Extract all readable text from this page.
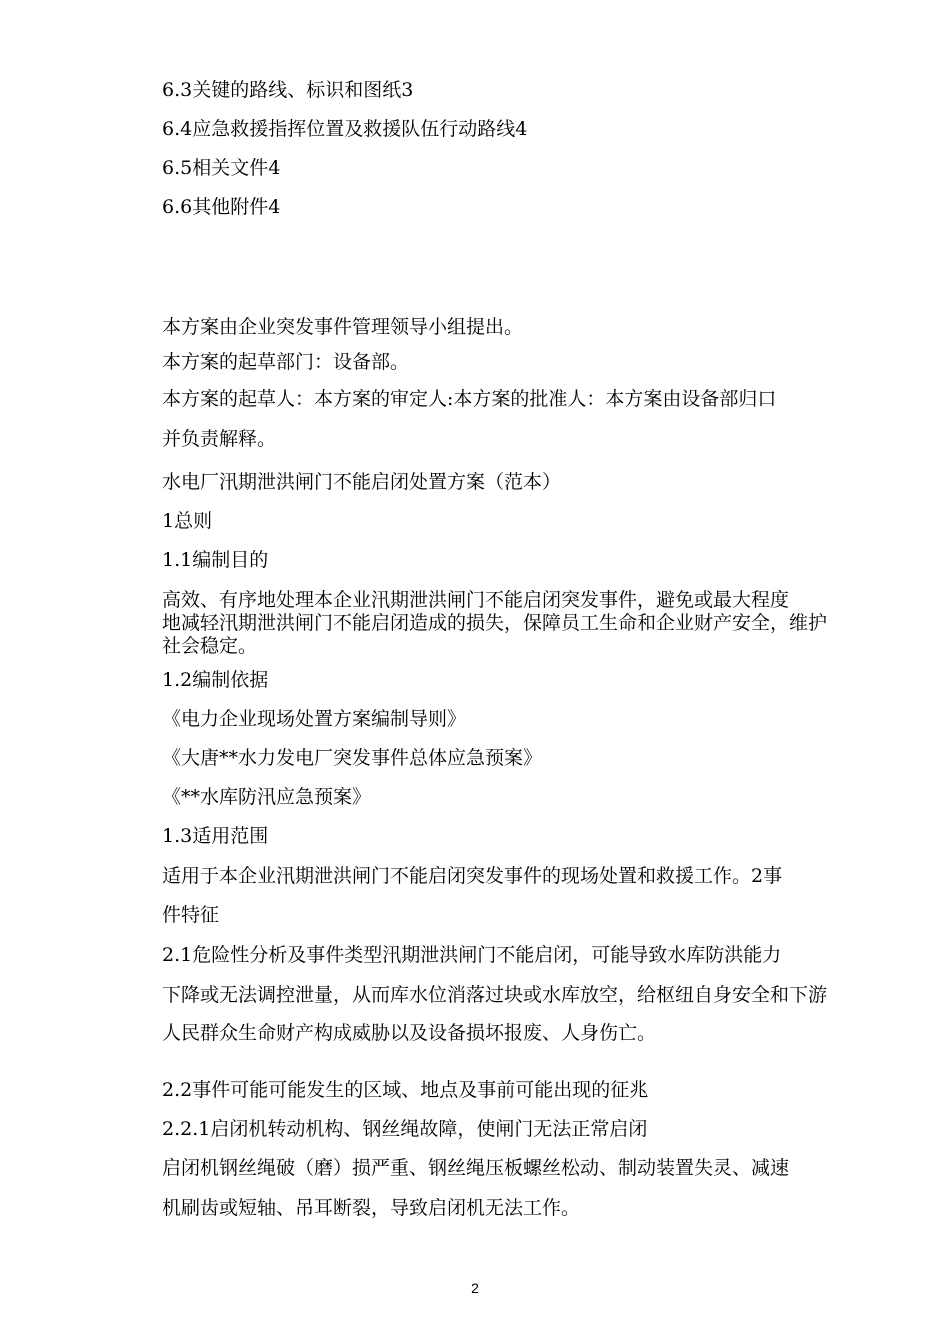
6.3关键的路线、标识和图纸3
6.4应急救援指挥位置及救援队伍行动路线4
6.5相关文件4
6.6其他附件4
本方案由企业突发事件管理领导小组提出。
本方案的起草部门：设备部。
本方案的起草人：本方案的审定人:本方案的批准人：本方案由设备部归口
并负责解释。
水电厂汛期泄洪闸门不能启闭处置方案（范本）
1总则
1.1编制目的
高效、有序地处理本企业汛期泄洪闸门不能启闭突发事件，避免或最大程度
地减轻汛期泄洪闸门不能启闭造成的损失，保障员工生命和企业财产安全，维护
社会稳定。
1.2编制依据
《电力企业现场处置方案编制导则》
《大唐**水力发电厂突发事件总体应急预案》
《**水库防汛应急预案》
1.3适用范围
适用于本企业汛期泄洪闸门不能启闭突发事件的现场处置和救援工作。2事
件特征
2.1危险性分析及事件类型汛期泄洪闸门不能启闭，可能导致水库防洪能力
下降或无法调控泄量，从而库水位消落过块或水库放空，给枢纽自身安全和下游
人民群众生命财产构成威胁以及设备损坏报废、人身伤亡。
2.2事件可能可能发生的区域、地点及事前可能出现的征兆
2.2.1启闭机转动机构、钢丝绳故障，使闸门无法正常启闭
启闭机钢丝绳破（磨）损严重、钢丝绳压板螺丝松动、制动装置失灵、减速
机刷齿或短轴、吊耳断裂，导致启闭机无法工作。
2
